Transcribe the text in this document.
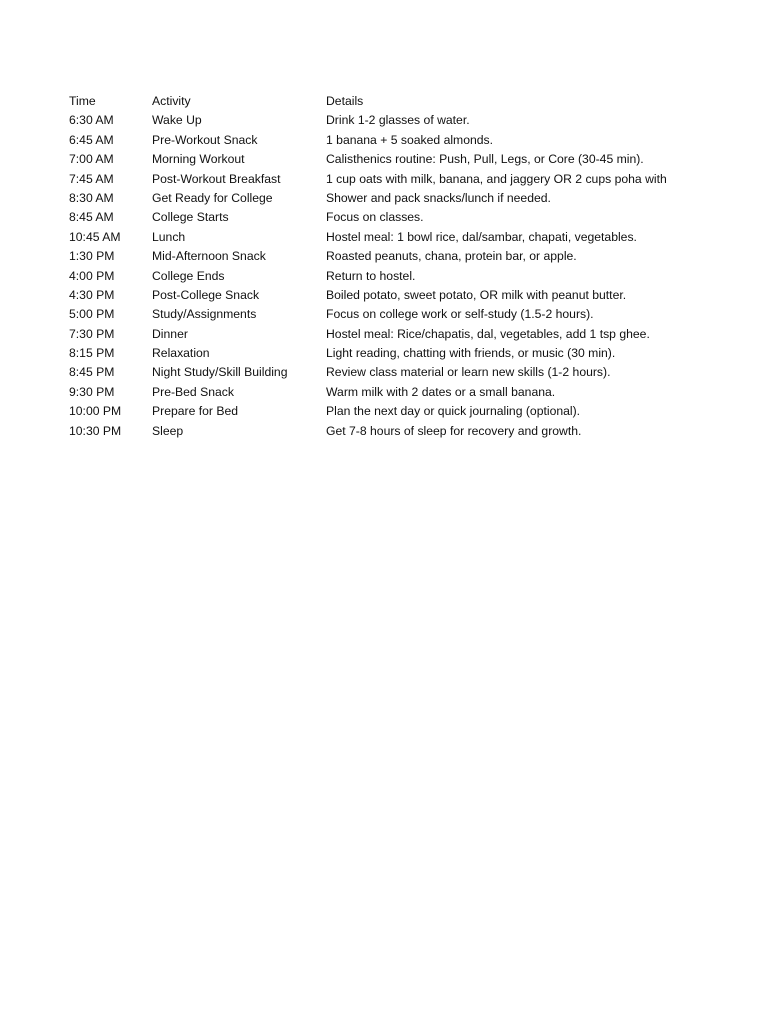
Time	Activity	Details
6:30 AM	Wake Up	Drink 1-2 glasses of water.
6:45 AM	Pre-Workout Snack	1 banana + 5 soaked almonds.
7:00 AM	Morning Workout	Calisthenics routine: Push, Pull, Legs, or Core (30-45 min).
7:45 AM	Post-Workout Breakfast	1 cup oats with milk, banana, and jaggery OR 2 cups poha with
8:30 AM	Get Ready for College	Shower and pack snacks/lunch if needed.
8:45 AM	College Starts	Focus on classes.
10:45 AM	Lunch	Hostel meal: 1 bowl rice, dal/sambar, chapati, vegetables.
1:30 PM	Mid-Afternoon Snack	Roasted peanuts, chana, protein bar, or apple.
4:00 PM	College Ends	Return to hostel.
4:30 PM	Post-College Snack	Boiled potato, sweet potato, OR milk with peanut butter.
5:00 PM	Study/Assignments	Focus on college work or self-study (1.5-2 hours).
7:30 PM	Dinner	Hostel meal: Rice/chapatis, dal, vegetables, add 1 tsp ghee.
8:15 PM	Relaxation	Light reading, chatting with friends, or music (30 min).
8:45 PM	Night Study/Skill Building	Review class material or learn new skills (1-2 hours).
9:30 PM	Pre-Bed Snack	Warm milk with 2 dates or a small banana.
10:00 PM	Prepare for Bed	Plan the next day or quick journaling (optional).
10:30 PM	Sleep	Get 7-8 hours of sleep for recovery and growth.
